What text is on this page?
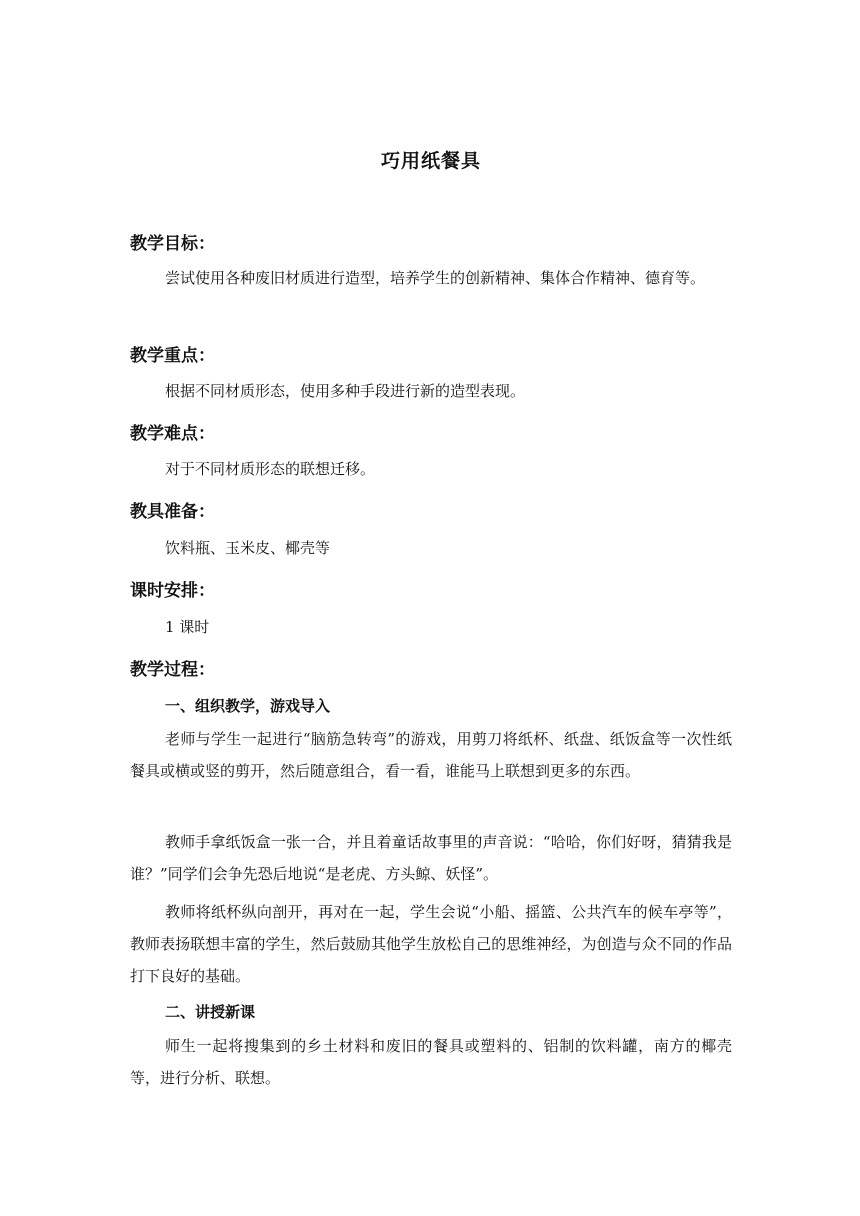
巧用纸餐具
教学目标：

尝试使用各种废旧材质进行造型，培养学生的创新精神、集体合作精神、德育等。

教学重点：

根据不同材质形态，使用多种手段进行新的造型表现。

教学难点：

对于不同材质形态的联想迁移。

教具准备：

饮料瓶、玉米皮、椰壳等

课时安排：

1 课时

教学过程：
一、组织教学，游戏导入

老师与学生一起进行“脑筋急转弯”的游戏，用剪刀将纸杯、纸盘、纸饭盒等一次性纸餐具或横或竖的剪开，然后随意组合，看一看，谁能马上联想到更多的东西。

教师手拿纸饭盒一张一合，并且着童话故事里的声音说：“哈哈，你们好呀，猜猜我是谁？”同学们会争先恐后地说“是老虎、方头鲸、妖怪”。

教师将纸杯纵向剖开，再对在一起，学生会说“小船、摇篮、公共汽车的候车亭等”，教师表扬联想丰富的学生，然后鼓励其他学生放松自己的思维神经，为创造与众不同的作品打下良好的基础。

二、讲授新课

师生一起将搜集到的乡土材料和废旧的餐具或塑料的、铝制的饮料罐，南方的椰壳等，进行分析、联想。
